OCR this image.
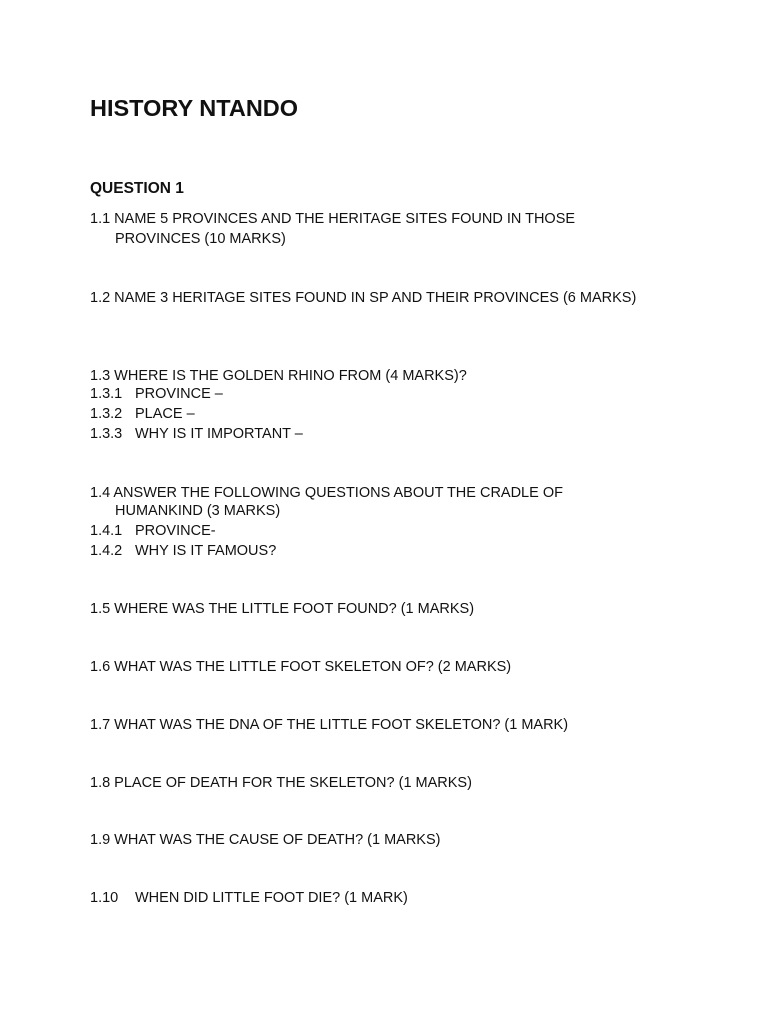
HISTORY NTANDO
QUESTION 1
1.1 NAME 5 PROVINCES AND THE HERITAGE SITES FOUND IN THOSE
PROVINCES (10 MARKS)
1.2 NAME 3 HERITAGE SITES FOUND IN SP AND THEIR PROVINCES (6 MARKS)
1.3 WHERE IS THE GOLDEN RHINO FROM (4 MARKS)?
1.3.1 PROVINCE –
1.3.2 PLACE –
1.3.3 WHY IS IT IMPORTANT –
1.4 ANSWER THE FOLLOWING QUESTIONS ABOUT THE CRADLE OF
HUMANKIND (3 MARKS)
1.4.1 PROVINCE-
1.4.2 WHY IS IT FAMOUS?
1.5 WHERE WAS THE LITTLE FOOT FOUND? (1 MARKS)
1.6 WHAT WAS THE LITTLE FOOT SKELETON OF? (2 MARKS)
1.7 WHAT WAS THE DNA OF THE LITTLE FOOT SKELETON? (1 MARK)
1.8 PLACE OF DEATH FOR THE SKELETON? (1 MARKS)
1.9 WHAT WAS THE CAUSE OF DEATH? (1 MARKS)
1.10 WHEN DID LITTLE FOOT DIE? (1 MARK)
